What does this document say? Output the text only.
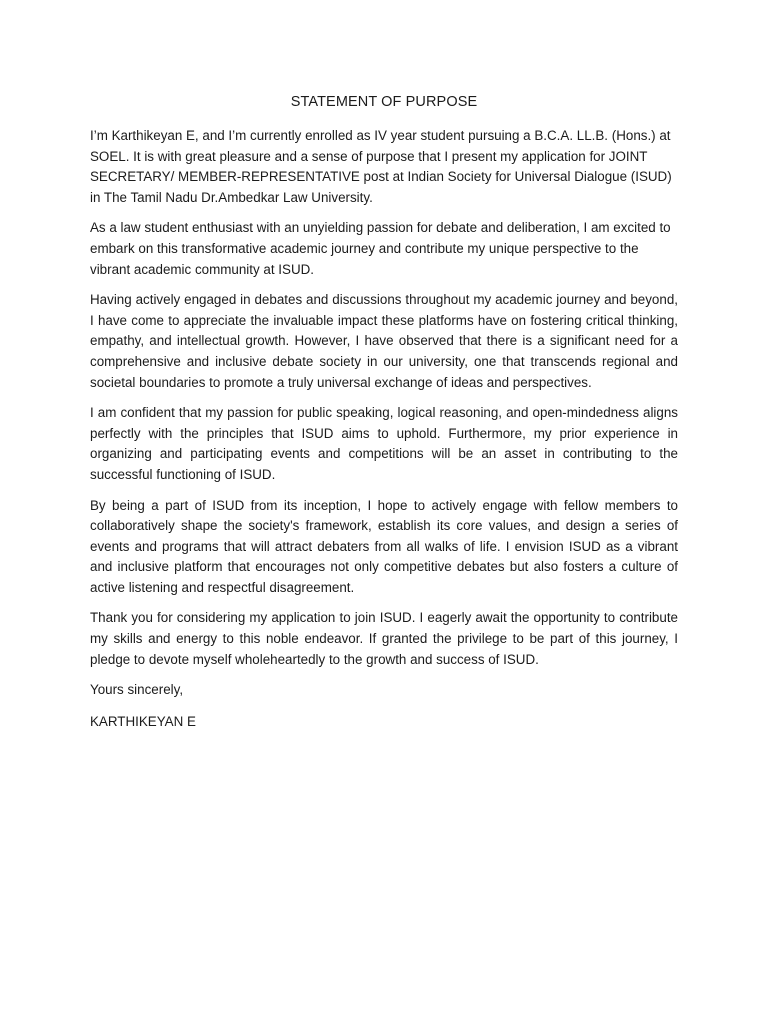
STATEMENT OF PURPOSE

I’m Karthikeyan E, and I’m currently enrolled as IV year student pursuing a B.C.A. LL.B. (Hons.) at SOEL. It is with great pleasure and a sense of purpose that I present my application for JOINT SECRETARY/ MEMBER-REPRESENTATIVE post at Indian Society for Universal Dialogue (ISUD) in The Tamil Nadu Dr.Ambedkar Law University.

As a law student enthusiast with an unyielding passion for debate and deliberation, I am excited to embark on this transformative academic journey and contribute my unique perspective to the vibrant academic community at ISUD.

Having actively engaged in debates and discussions throughout my academic journey and beyond, I have come to appreciate the invaluable impact these platforms have on fostering critical thinking, empathy, and intellectual growth. However, I have observed that there is a significant need for a comprehensive and inclusive debate society in our university, one that transcends regional and societal boundaries to promote a truly universal exchange of ideas and perspectives.

I am confident that my passion for public speaking, logical reasoning, and open-mindedness aligns perfectly with the principles that ISUD aims to uphold. Furthermore, my prior experience in organizing and participating events and competitions will be an asset in contributing to the successful functioning of ISUD.

By being a part of ISUD from its inception, I hope to actively engage with fellow members to collaboratively shape the society's framework, establish its core values, and design a series of events and programs that will attract debaters from all walks of life. I envision ISUD as a vibrant and inclusive platform that encourages not only competitive debates but also fosters a culture of active listening and respectful disagreement.

Thank you for considering my application to join ISUD. I eagerly await the opportunity to contribute my skills and energy to this noble endeavor. If granted the privilege to be part of this journey, I pledge to devote myself wholeheartedly to the growth and success of ISUD.

Yours sincerely,

KARTHIKEYAN E
